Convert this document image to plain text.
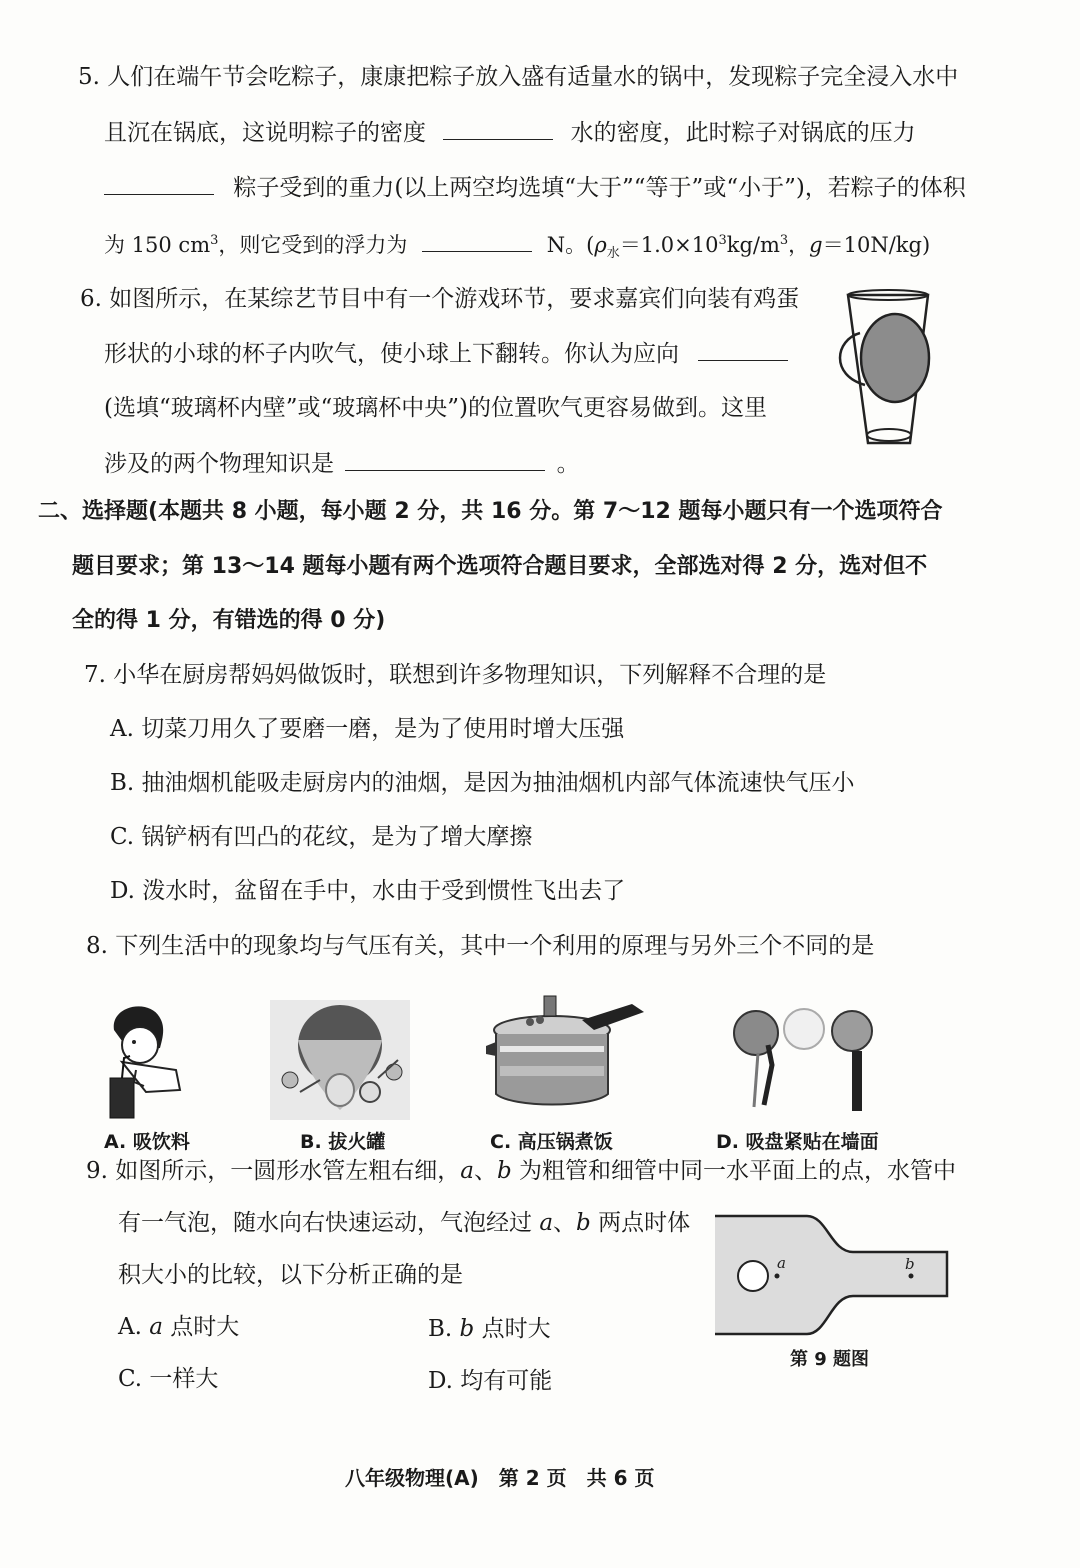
5. 人们在端午节会吃粽子，康康把粽子放入盛有适量水的锅中，发现粽子完全浸入水中
且沉在锅底，这说明粽子的密度	水的密度，此时粽子对锅底的压力
粽子受到的重力(以上两空均选填“大于”“等于”或“小于”)，若粽子的体积
为 150 $cm^3$，则它受到的浮力为	N。($\rho_水=1.0\times 10^3kg/m^3$，g＝10N/kg)
6. 如图所示，在某综艺节目中有一个游戏环节，要求嘉宾们向装有鸡蛋
形状的小球的杯子内吹气，使小球上下翻转。你认为应向
(选填“玻璃杯内壁”或“玻璃杯中央”)的位置吹气更容易做到。这里
涉及的两个物理知识是	。
二、选择题(本题共 8 小题，每小题 2 分，共 16 分。第 7～12 题每小题只有一个选项符合
题目要求；第 13～14 题每小题有两个选项符合题目要求，全部选对得 2 分，选对但不
全的得 1 分，有错选的得 0 分)
7. 小华在厨房帮妈妈做饭时，联想到许多物理知识，下列解释不合理的是
A. 切菜刀用久了要磨一磨，是为了使用时增大压强
B. 抽油烟机能吸走厨房内的油烟，是因为抽油烟机内部气体流速快气压小
C. 锅铲柄有凹凸的花纹，是为了增大摩擦
D. 泼水时，盆留在手中，水由于受到惯性飞出去了
8. 下列生活中的现象均与气压有关，其中一个利用的原理与另外三个不同的是
A. 吸饮料	B. 拔火罐	C. 高压锅煮饭	D. 吸盘紧贴在墙面
9. 如图所示，一圆形水管左粗右细，a、b 为粗管和细管中同一水平面上的点，水管中
有一气泡，随水向右快速运动，气泡经过 a、b 两点时体
积大小的比较，以下分析正确的是
A. a 点时大	B. b 点时大
C. 一样大	D. 均有可能
a	b
第 9 题图
八年级物理(A)　第 2 页　共 6 页
